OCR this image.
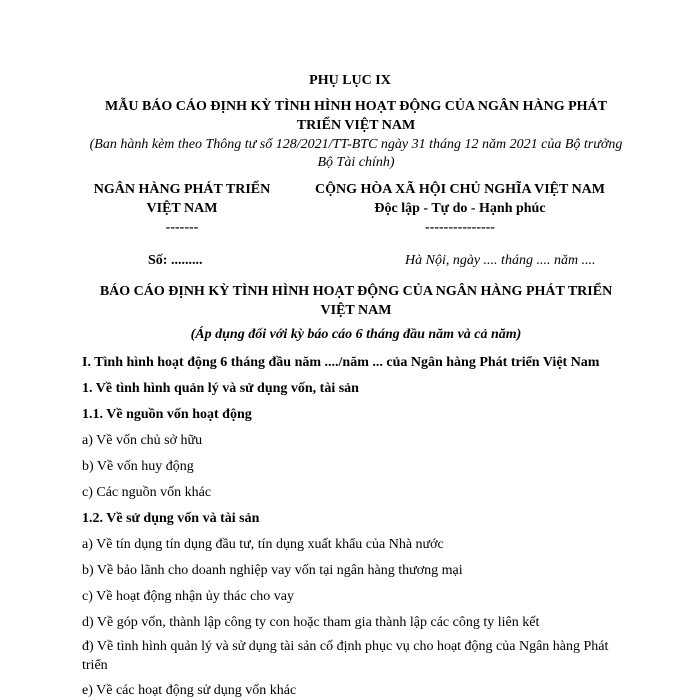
PHỤ LỤC IX
MẪU BÁO CÁO ĐỊNH KỲ TÌNH HÌNH HOẠT ĐỘNG CỦA NGÂN HÀNG PHÁT TRIỂN VIỆT NAM
(Ban hành kèm theo Thông tư số 128/2021/TT-BTC ngày 31 tháng 12 năm 2021 của Bộ trưởng Bộ Tài chính)
NGÂN HÀNG PHÁT TRIỂN
VIỆT NAM
-------
CỘNG HÒA XÃ HỘI CHỦ NGHĨA VIỆT NAM
Độc lập - Tự do - Hạnh phúc
---------------
Số: .........	Hà Nội, ngày .... tháng .... năm ....
BÁO CÁO ĐỊNH KỲ TÌNH HÌNH HOẠT ĐỘNG CỦA NGÂN HÀNG PHÁT TRIỂN VIỆT NAM
(Áp dụng đối với kỳ báo cáo 6 tháng đầu năm và cả năm)
I. Tình hình hoạt động 6 tháng đầu năm ..../năm ... của Ngân hàng Phát triển Việt Nam
1. Về tình hình quản lý và sử dụng vốn, tài sản
1.1. Về nguồn vốn hoạt động
a) Về vốn chủ sở hữu
b) Về vốn huy động
c) Các nguồn vốn khác
1.2. Về sử dụng vốn và tài sản
a) Về tín dụng tín dụng đầu tư, tín dụng xuất khẩu của Nhà nước
b) Về bảo lãnh cho doanh nghiệp vay vốn tại ngân hàng thương mại
c) Về hoạt động nhận ủy thác cho vay
d) Về góp vốn, thành lập công ty con hoặc tham gia thành lập các công ty liên kết
đ) Về tình hình quản lý và sử dụng tài sản cố định phục vụ cho hoạt động của Ngân hàng Phát triển
e) Về các hoạt động sử dụng vốn khác
